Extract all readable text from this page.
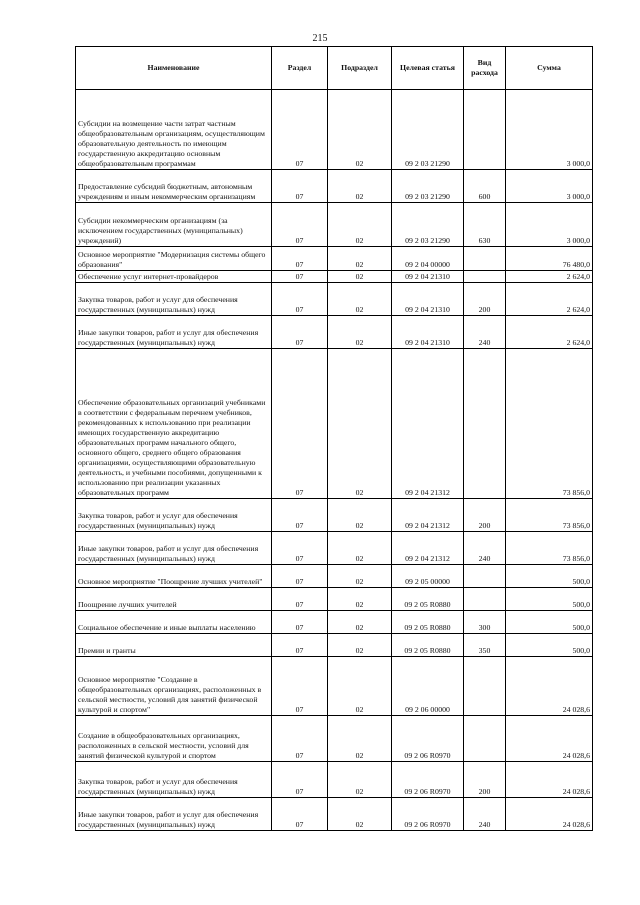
215
Наименование	Раздел	Подраздел	Целевая статья	Вид расхода	Сумма
Субсидии на возмещение части затрат частным общеобразовательным организациям, осуществляющим образовательную деятельность по имеющим государственную аккредитацию основным общеобразовательным программам	07	02	09 2 03 21290		3 000,0
Предоставление субсидий бюджетным, автономным учреждениям и иным некоммерческим организациям	07	02	09 2 03 21290	600	3 000,0
Субсидии некоммерческим организациям (за исключением государственных (муниципальных) учреждений)	07	02	09 2 03 21290	630	3 000,0
Основное мероприятие "Модернизация системы общего образования"	07	02	09 2 04 00000		76 480,0
Обеспечение услуг интернет-провайдеров	07	02	09 2 04 21310		2 624,0
Закупка товаров, работ и услуг для обеспечения государственных (муниципальных) нужд	07	02	09 2 04 21310	200	2 624,0
Иные закупки товаров, работ и услуг для обеспечения государственных (муниципальных) нужд	07	02	09 2 04 21310	240	2 624,0
Обеспечение образовательных организаций учебниками в соответствии с федеральным перечнем учебников, рекомендованных к использованию при реализации имеющих государственную аккредитацию образовательных программ начального общего, основного общего, среднего общего образования организациями, осуществляющими образовательную деятельность, и учебными пособиями, допущенными к использованию при реализации указанных образовательных программ	07	02	09 2 04 21312		73 856,0
Закупка товаров, работ и услуг для обеспечения государственных (муниципальных) нужд	07	02	09 2 04 21312	200	73 856,0
Иные закупки товаров, работ и услуг для обеспечения государственных (муниципальных) нужд	07	02	09 2 04 21312	240	73 856,0
Основное мероприятие "Поощрение лучших учителей"	07	02	09 2 05 00000		500,0
Поощрение лучших учителей	07	02	09 2 05 R0880		500,0
Социальное обеспечение и иные выплаты населению	07	02	09 2 05 R0880	300	500,0
Премии и гранты	07	02	09 2 05 R0880	350	500,0
Основное мероприятие "Создание в общеобразовательных организациях, расположенных в сельской местности, условий для занятий физической культурой и спортом"	07	02	09 2 06 00000		24 028,6
Создание в общеобразовательных организациях, расположенных в сельской местности, условий для занятий физической культурой и спортом	07	02	09 2 06 R0970		24 028,6
Закупка товаров, работ и услуг для обеспечения государственных (муниципальных) нужд	07	02	09 2 06 R0970	200	24 028,6
Иные закупки товаров, работ и услуг для обеспечения государственных (муниципальных) нужд	07	02	09 2 06 R0970	240	24 028,6
